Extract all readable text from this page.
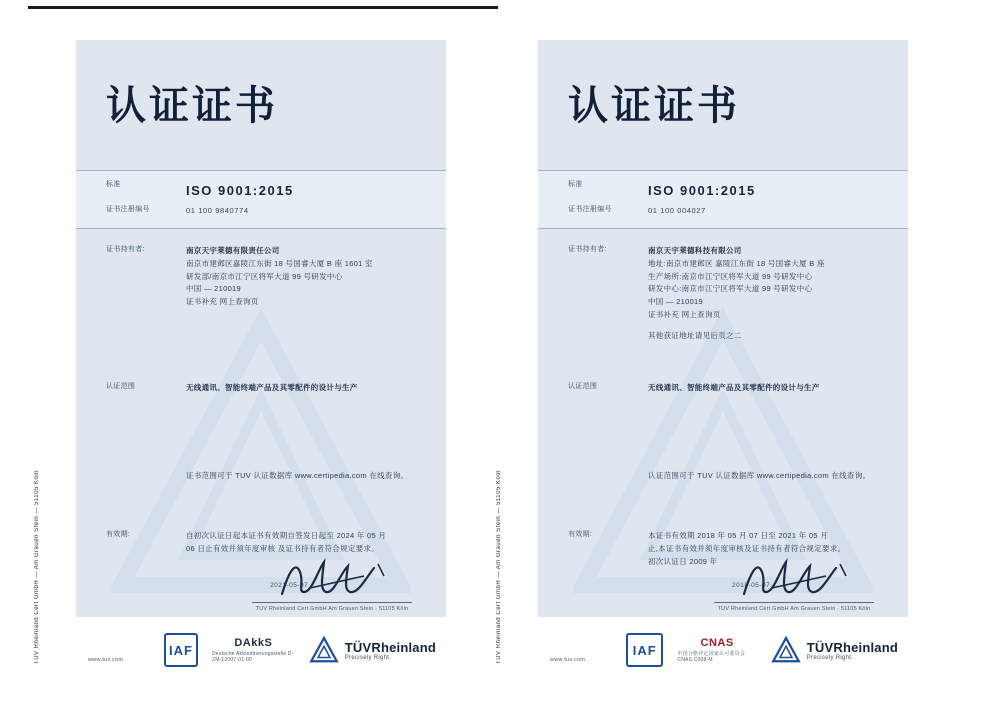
认证证书
标准	ISO 9001:2015
证书注册编号	01 100 9840774
证书持有者:	南京天宇莱德有限责任公司
南京市建邺区嘉陵江东街 18 号国睿大厦 B 座 1601 室
研发部/南京市江宁区将军大道 99 号研发中心
中国 — 210019
证书补充 网上查询页
认证范围	无线通讯、智能终端产品及其零配件的设计与生产
证书范围可于 TUV 认证数据库 www.certipedia.com 在线查询。
有效期:	自初次认证日起本证书有效期自签发日起至 2024 年 05 月
06 日止有效并须年度审核 及证书持有者符合规定要求。
2021-05-07
TUV Rheinland Cert GmbH Am Grauen Stein · 51105 Köln
www.tuv.com
IAF	DAkkS
Deutsche Akkreditierungsstelle D-ZM-12007-01-00
TÜVRheinland
Precisely Right.
认证证书
标准	ISO 9001:2015
证书注册编号	01 100 004027
证书持有者:	南京天宇莱德科技有限公司
地址:南京市建邺区 嘉陵江东街 18 号国睿大厦 B 座
生产场所:南京市江宁区将军大道 99 号研发中心
研发中心:南京市江宁区将军大道 99 号研发中心
中国 — 210019
证书补充 网上查询页
其他获证地址请见后页之二
认证范围	无线通讯、智能终端产品及其零配件的设计与生产
认证范围可于 TUV 认证数据库 www.certipedia.com 在线查询。
有效期:	本证书有效期 2018 年 05 月 07 日至 2021 年 05 月
止,本证书有效并须年度审核及证书持有者符合规定要求。
初次认证日 2009 年
2018-05-07
TUV Rheinland Cert GmbH Am Grauen Stein · 51105 Köln
www.tuv.com
IAF	CNAS
中国合格评定国家认可委员会 CNAS C008-M
TÜVRheinland
Precisely Right.
TUV Rheinland Cert GmbH — Am Grauen Stein — 51105 Koln	TUV Rheinland Cert GmbH — Am Grauen Stein — 51105 Koln
